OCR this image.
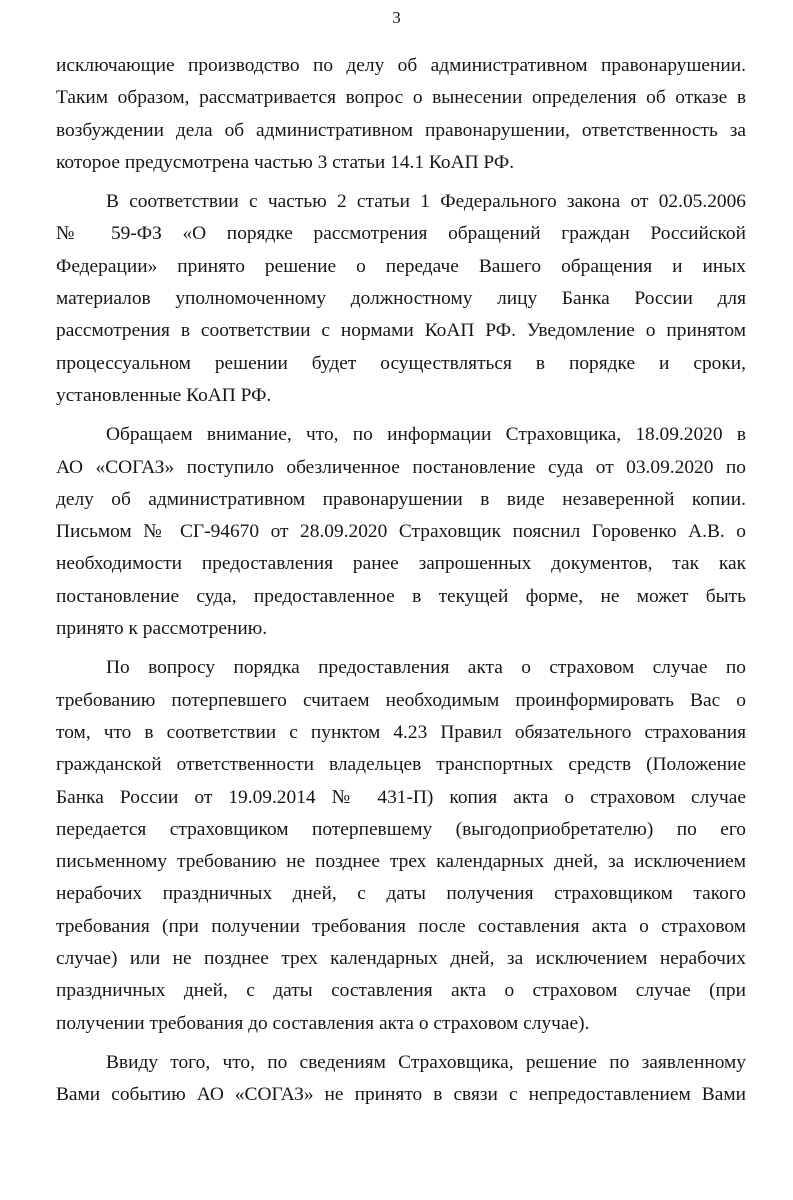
3
исключающие производство по делу об административном правонарушении.
Таким образом, рассматривается вопрос о вынесении определения об отказе в
возбуждении дела об административном правонарушении, ответственность за
которое предусмотрена частью 3 статьи 14.1 КоАП РФ.
В соответствии с частью 2 статьи 1 Федерального закона от 02.05.2006
№ 59-ФЗ «О порядке рассмотрения обращений граждан Российской
Федерации» принято решение о передаче Вашего обращения и иных
материалов уполномоченному должностному лицу Банка России для
рассмотрения в соответствии с нормами КоАП РФ. Уведомление о принятом
процессуальном решении будет осуществляться в порядке и сроки,
установленные КоАП РФ.
Обращаем внимание, что, по информации Страховщика, 18.09.2020 в
АО «СОГАЗ» поступило обезличенное постановление суда от 03.09.2020 по
делу об административном правонарушении в виде незаверенной копии.
Письмом № СГ-94670 от 28.09.2020 Страховщик пояснил Горовенко А.В. о
необходимости предоставления ранее запрошенных документов, так как
постановление суда, предоставленное в текущей форме, не может быть
принято к рассмотрению.
По вопросу порядка предоставления акта о страховом случае по
требованию потерпевшего считаем необходимым проинформировать Вас о
том, что в соответствии с пунктом 4.23 Правил обязательного страхования
гражданской ответственности владельцев транспортных средств (Положение
Банка России от 19.09.2014 № 431-П) копия акта о страховом случае
передается страховщиком потерпевшему (выгодоприобретателю) по его
письменному требованию не позднее трех календарных дней, за исключением
нерабочих праздничных дней, с даты получения страховщиком такого
требования (при получении требования после составления акта о страховом
случае) или не позднее трех календарных дней, за исключением нерабочих
праздничных дней, с даты составления акта о страховом случае (при
получении требования до составления акта о страховом случае).
Ввиду того, что, по сведениям Страховщика, решение по заявленному
Вами событию АО «СОГАЗ» не принято в связи с непредоставлением Вами
